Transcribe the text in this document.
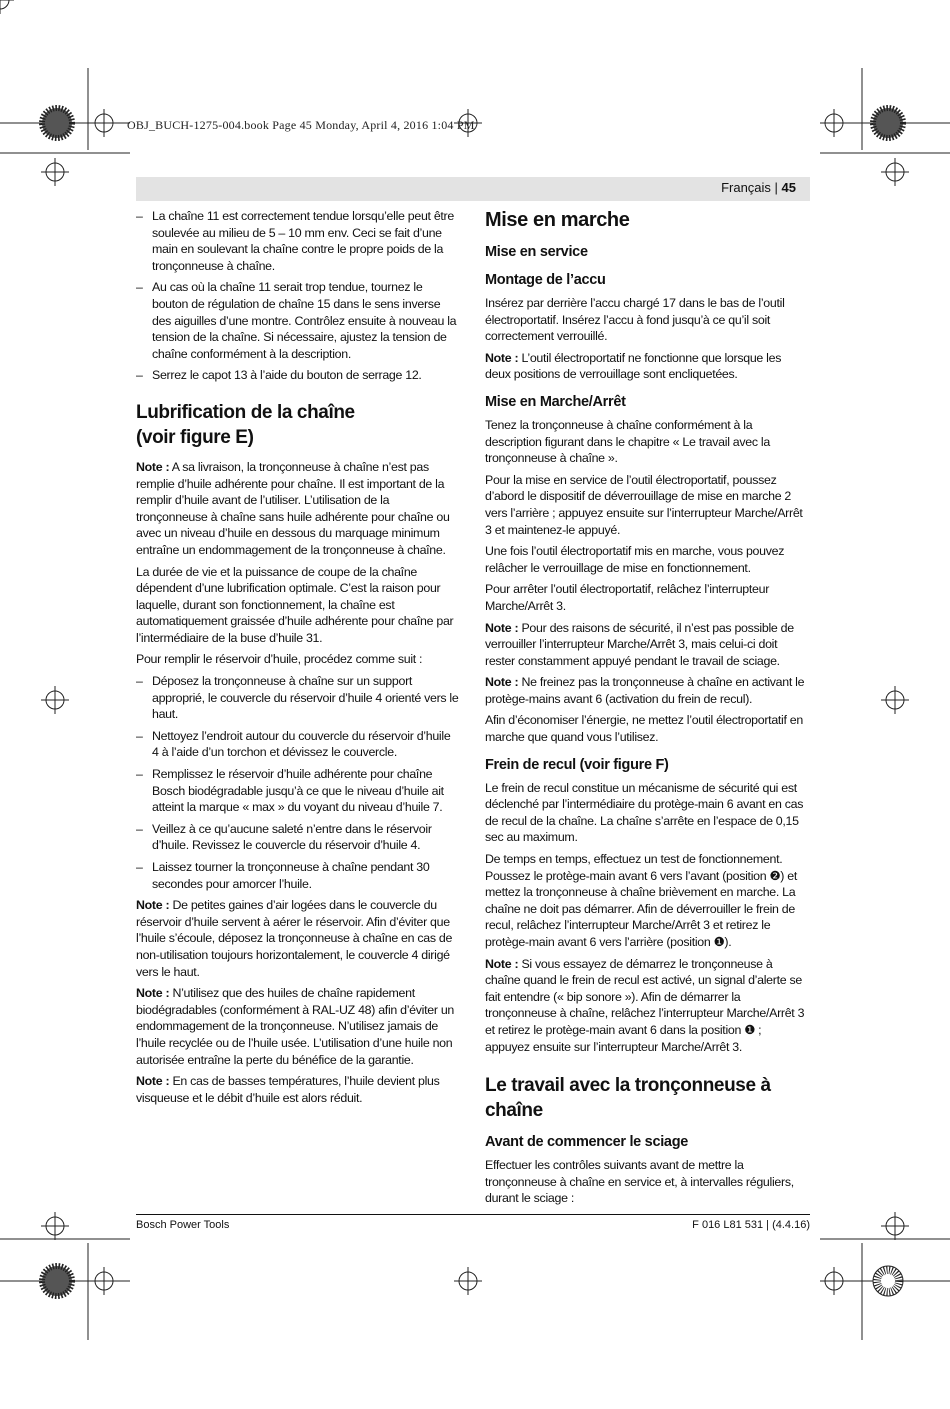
OBJ_BUCH-1275-004.book Page 45 Monday, April 4, 2016 1:04 PM
Français | 45
– La chaîne 11 est correctement tendue lorsqu’elle peut être soulevée au milieu de 5 – 10 mm env. Ceci se fait d’une main en soulevant la chaîne contre le propre poids de la tronçonneuse à chaîne.
– Au cas où la chaîne 11 serait trop tendue, tournez le bouton de régulation de chaîne 15 dans le sens inverse des aiguilles d’une montre. Contrôlez ensuite à nouveau la tension de la chaîne. Si nécessaire, ajustez la tension de chaîne conformément à la description.
– Serrez le capot 13 à l’aide du bouton de serrage 12.
Lubrification de la chaîne
(voir figure E)

Note : A sa livraison, la tronçonneuse à chaîne n’est pas remplie d’huile adhérente pour chaîne. Il est important de la remplir d’huile avant de l’utiliser. L’utilisation de la tronçonneuse à chaîne sans huile adhérente pour chaîne ou avec un niveau d’huile en dessous du marquage minimum entraîne un endommagement de la tronçonneuse à chaîne.

La durée de vie et la puissance de coupe de la chaîne dépendent d’une lubrification optimale. C’est la raison pour laquelle, durant son fonctionnement, la chaîne est automatiquement graissée d’huile adhérente pour chaîne par l’intermédiaire de la buse d’huile 31.

Pour remplir le réservoir d’huile, procédez comme suit :

– Déposez la tronçonneuse à chaîne sur un support approprié, le couvercle du réservoir d’huile 4 orienté vers le haut.
– Nettoyez l’endroit autour du couvercle du réservoir d’huile 4 à l’aide d’un torchon et dévissez le couvercle.
– Remplissez le réservoir d’huile adhérente pour chaîne Bosch biodégradable jusqu’à ce que le niveau d’huile ait atteint la marque « max » du voyant du niveau d’huile 7.
– Veillez à ce qu’aucune saleté n’entre dans le réservoir d’huile. Revissez le couvercle du réservoir d’huile 4.
– Laissez tourner la tronçonneuse à chaîne pendant 30 secondes pour amorcer l’huile.

Note : De petites gaines d’air logées dans le couvercle du réservoir d’huile servent à aérer le réservoir. Afin d’éviter que l’huile s’écoule, déposez la tronçonneuse à chaîne en cas de non-utilisation toujours horizontalement, le couvercle 4 dirigé vers le haut.

Note : N’utilisez que des huiles de chaîne rapidement biodégradables (conformément à RAL-UZ 48) afin d’éviter un endommagement de la tronçonneuse. N’utilisez jamais de l’huile recyclée ou de l’huile usée. L’utilisation d’une huile non autorisée entraîne la perte du bénéfice de la garantie.

Note : En cas de basses températures, l’huile devient plus visqueuse et le débit d’huile est alors réduit.

Mise en marche
Mise en service
Montage de l’accu

Insérez par derrière l’accu chargé 17 dans le bas de l’outil électroportatif. Insérez l’accu à fond jusqu’à ce qu’il soit correctement verrouillé.

Note : L’outil électroportatif ne fonctionne que lorsque les deux positions de verrouillage sont encliquetées.

Mise en Marche/Arrêt

Tenez la tronçonneuse à chaîne conformément à la description figurant dans le chapitre « Le travail avec la tronçonneuse à chaîne ».

Pour la mise en service de l’outil électroportatif, poussez d’abord le dispositif de déverrouillage de mise en marche 2 vers l’arrière ; appuyez ensuite sur l’interrupteur Marche/Arrêt 3 et maintenez-le appuyé.

Une fois l’outil électroportatif mis en marche, vous pouvez relâcher le verrouillage de mise en fonctionnement.

Pour arrêter l’outil électroportatif, relâchez l’interrupteur Marche/Arrêt 3.

Note : Pour des raisons de sécurité, il n’est pas possible de verrouiller l’interrupteur Marche/Arrêt 3, mais celui-ci doit rester constamment appuyé pendant le travail de sciage.

Note : Ne freinez pas la tronçonneuse à chaîne en activant le protège-mains avant 6 (activation du frein de recul).

Afin d’économiser l’énergie, ne mettez l’outil électroportatif en marche que quand vous l’utilisez.

Frein de recul (voir figure F)

Le frein de recul constitue un mécanisme de sécurité qui est déclenché par l’intermédiaire du protège-main 6 avant en cas de recul de la chaîne. La chaîne s’arrête en l’espace de 0,15 sec au maximum.

De temps en temps, effectuez un test de fonctionnement. Poussez le protège-main avant 6 vers l’avant (position ❷) et mettez la tronçonneuse à chaîne brièvement en marche. La chaîne ne doit pas démarrer. Afin de déverrouiller le frein de recul, relâchez l’interrupteur Marche/Arrêt 3 et retirez le protège-main avant 6 vers l’arrière (position ❶).

Note : Si vous essayez de démarrez le tronçonneuse à chaîne quand le frein de recul est activé, un signal d’alerte se fait entendre (« bip sonore »). Afin de démarrer la tronçonneuse à chaîne, relâchez l’interrupteur Marche/Arrêt 3 et retirez le protège-main avant 6 dans la position ❶ ; appuyez ensuite sur l’interrupteur Marche/Arrêt 3.

Le travail avec la tronçonneuse à chaîne
Avant de commencer le sciage

Effectuer les contrôles suivants avant de mettre la tronçonneuse à chaîne en service et, à intervalles réguliers, durant le sciage :

Bosch Power Tools	F 016 L81 531 | (4.4.16)
